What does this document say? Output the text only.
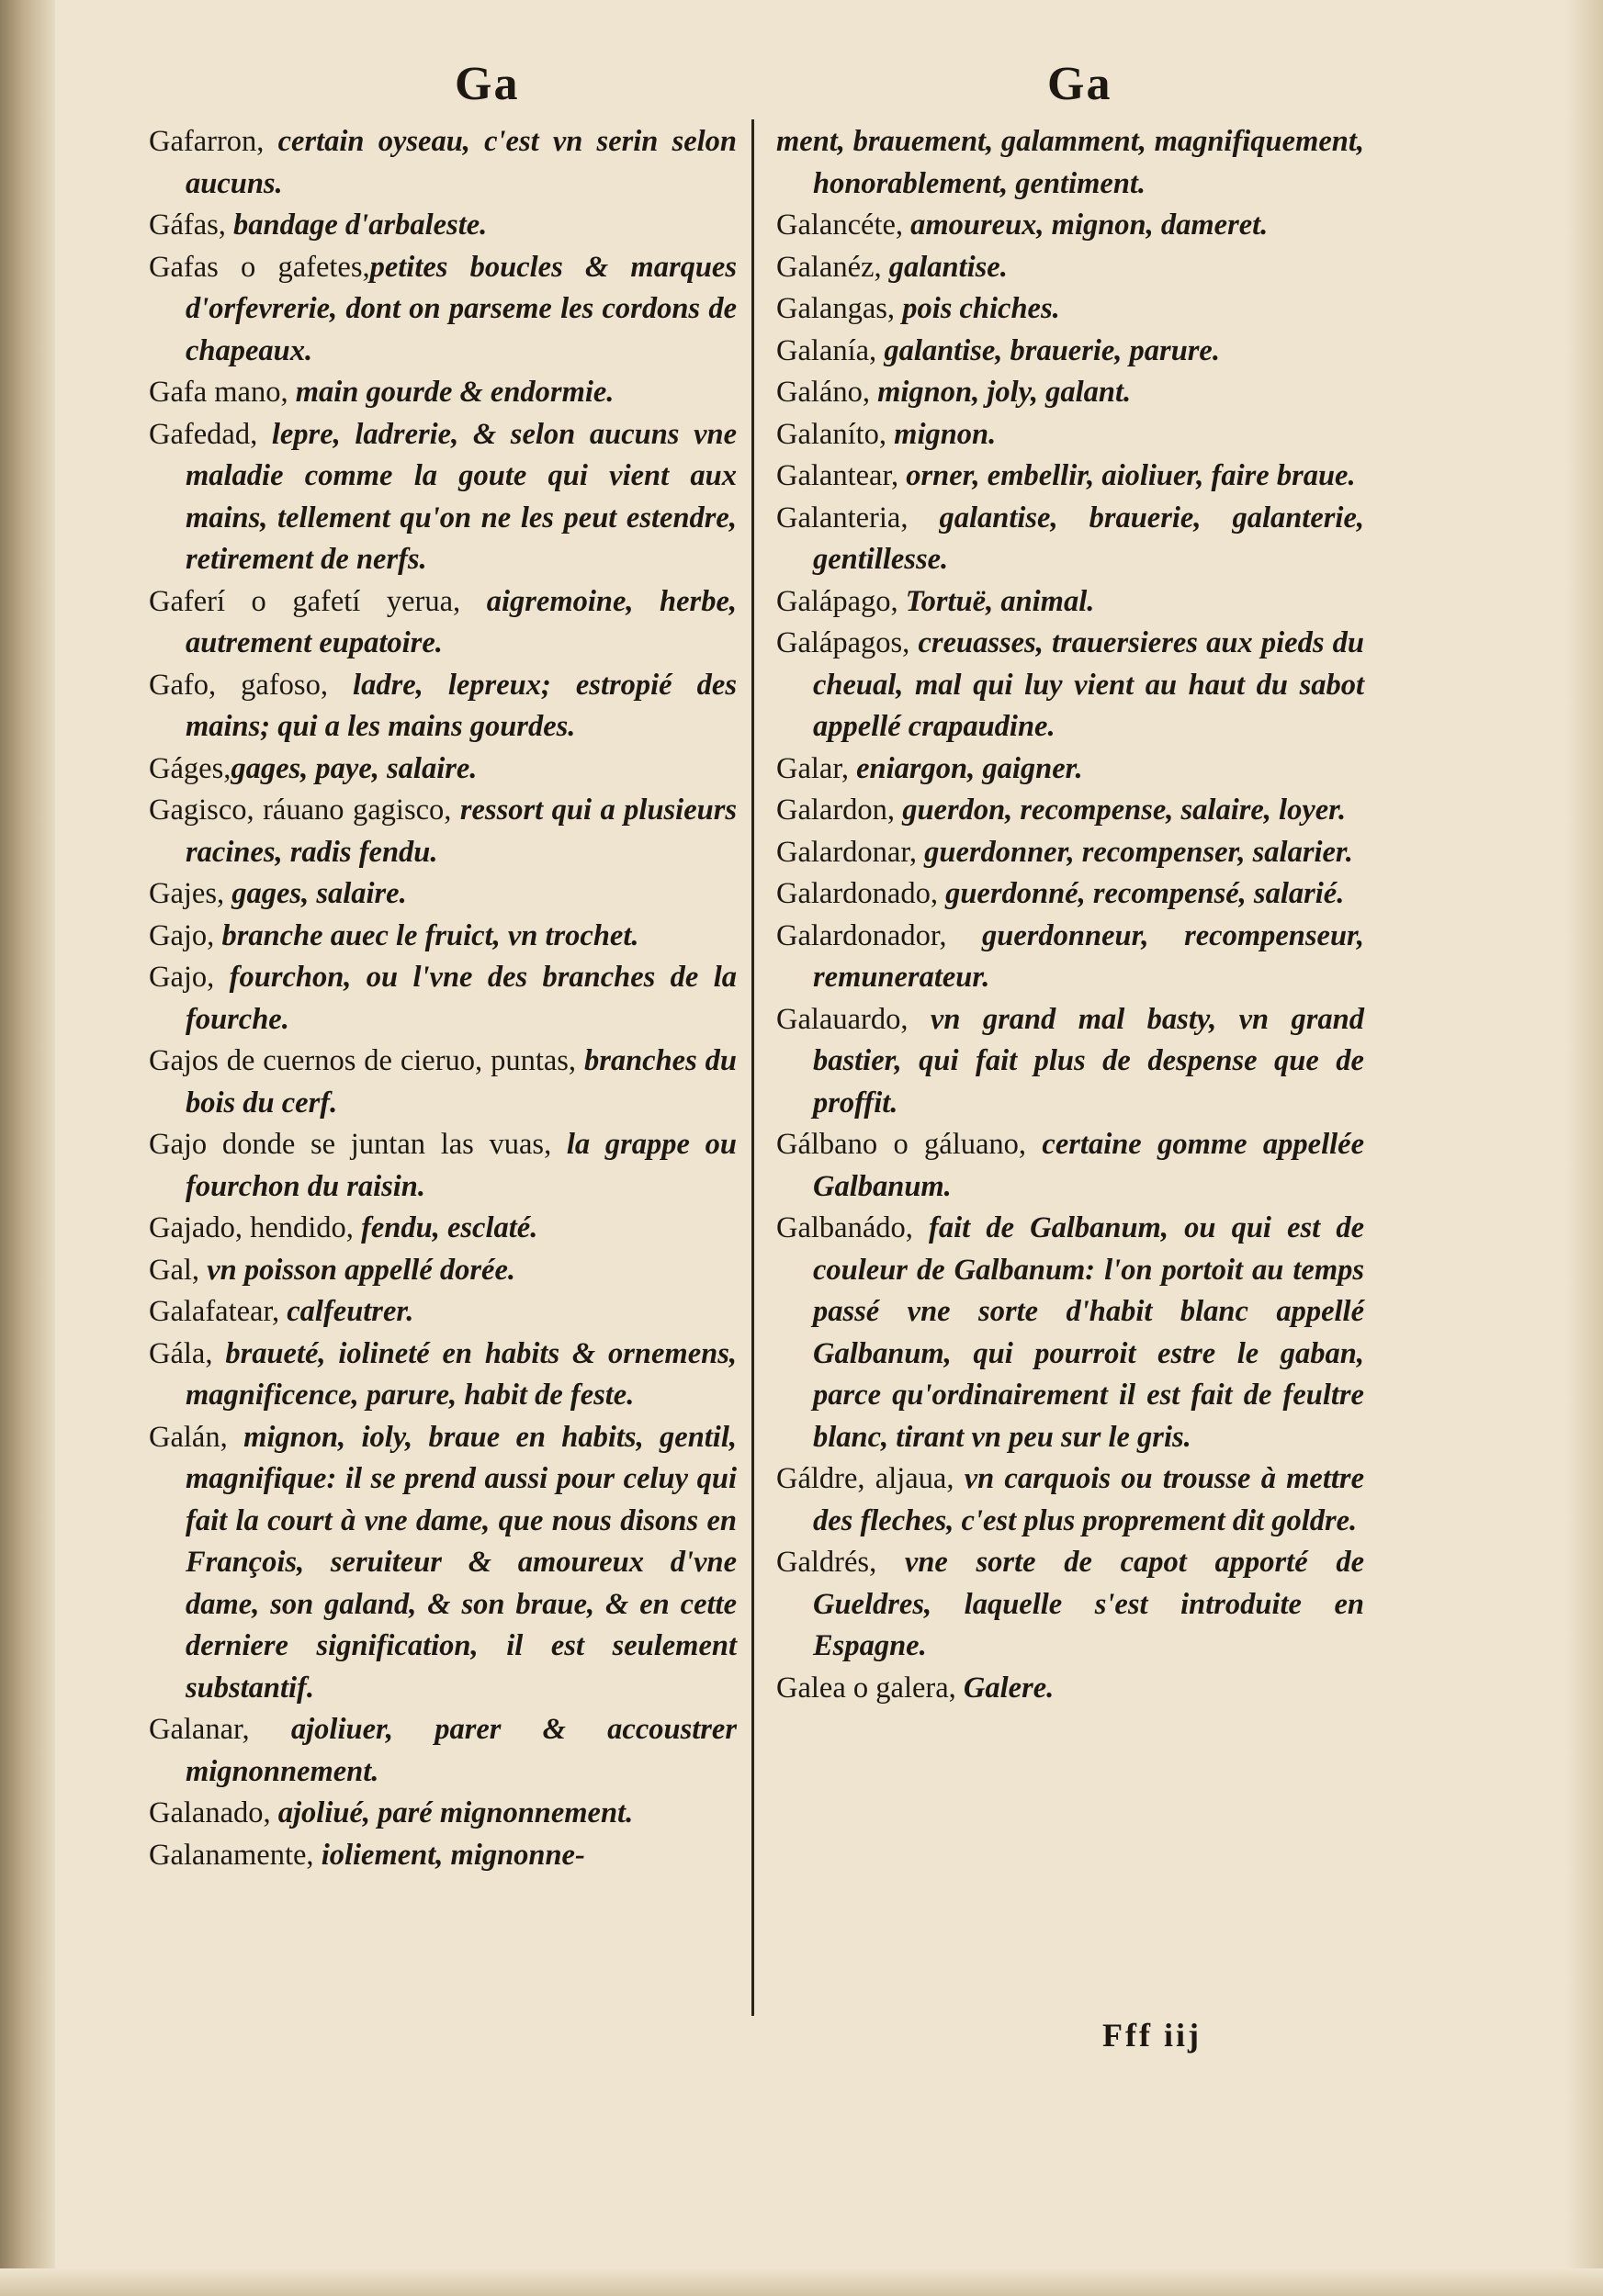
Ga	Ga
Gafarron, certain oyseau, c'est vn serin selon aucuns.
Gáfas, bandage d'arbaleste.
Gafas o gafetes,petites boucles & marques d'orfevrerie, dont on parseme les cordons de chapeaux.
Gafa mano, main gourde & endormie.
Gafedad, lepre, ladrerie, & selon aucuns vne maladie comme la goute qui vient aux mains, tellement qu'on ne les peut estendre, retirement de nerfs.
Gaferí o gafetí yerua, aigremoine, herbe, autrement eupatoire.
Gafo, gafoso, ladre, lepreux; estropié des mains; qui a les mains gourdes.
Gáges,gages, paye, salaire.
Gagisco, ráuano gagisco, ressort qui a plusieurs racines, radis fendu.
Gajes, gages, salaire.
Gajo, branche auec le fruict, vn trochet.
Gajo, fourchon, ou l'vne des branches de la fourche.
Gajos de cuernos de cieruo, puntas, branches du bois du cerf.
Gajo donde se juntan las vuas, la grappe ou fourchon du raisin.
Gajado, hendido, fendu, esclaté.
Gal, vn poisson appellé dorée.
Galafatear, calfeutrer.
Gála, braueté, iolineté en habits & ornemens, magnificence, parure, habit de feste.
Galán, mignon, ioly, braue en habits, gentil, magnifique: il se prend aussi pour celuy qui fait la court à vne dame, que nous disons en François, seruiteur & amoureux d'vne dame, son galand, & son braue, & en cette derniere signification, il est seulement substantif.
Galanar, ajoliuer, parer & accoustrer mignonnement.
Galanado, ajoliué, paré mignonnement.
Galanamente, ioliement, mignonne-
ment, brauement, galamment, magnifiquement, honorablement, gentiment.
Galancéte, amoureux, mignon, dameret.
Galanéz, galantise.
Galangas, pois chiches.
Galanía, galantise, brauerie, parure.
Galáno, mignon, joly, galant.
Galaníto, mignon.
Galantear, orner, embellir, aioliuer, faire braue.
Galanteria, galantise, brauerie, galanterie, gentillesse.
Galápago, Tortuë, animal.
Galápagos, creuasses, trauersieres aux pieds du cheual, mal qui luy vient au haut du sabot appellé crapaudine.
Galar, eniargon, gaigner.
Galardon, guerdon, recompense, salaire, loyer.
Galardonar, guerdonner, recompenser, salarier.
Galardonado, guerdonné, recompensé, salarié.
Galardonador, guerdonneur, recompenseur, remunerateur.
Galauardo, vn grand mal basty, vn grand bastier, qui fait plus de despense que de proffit.
Gálbano o gáluano, certaine gomme appellée Galbanum.
Galbanádo, fait de Galbanum, ou qui est de couleur de Galbanum: l'on portoit au temps passé vne sorte d'habit blanc appellé Galbanum, qui pourroit estre le gaban, parce qu'ordinairement il est fait de feultre blanc, tirant vn peu sur le gris.
Gáldre, aljaua, vn carquois ou trousse à mettre des fleches, c'est plus proprement dit goldre.
Galdrés, vne sorte de capot apporté de Gueldres, laquelle s'est introduite en Espagne.
Galea o galera, Galere.
Fff iij
